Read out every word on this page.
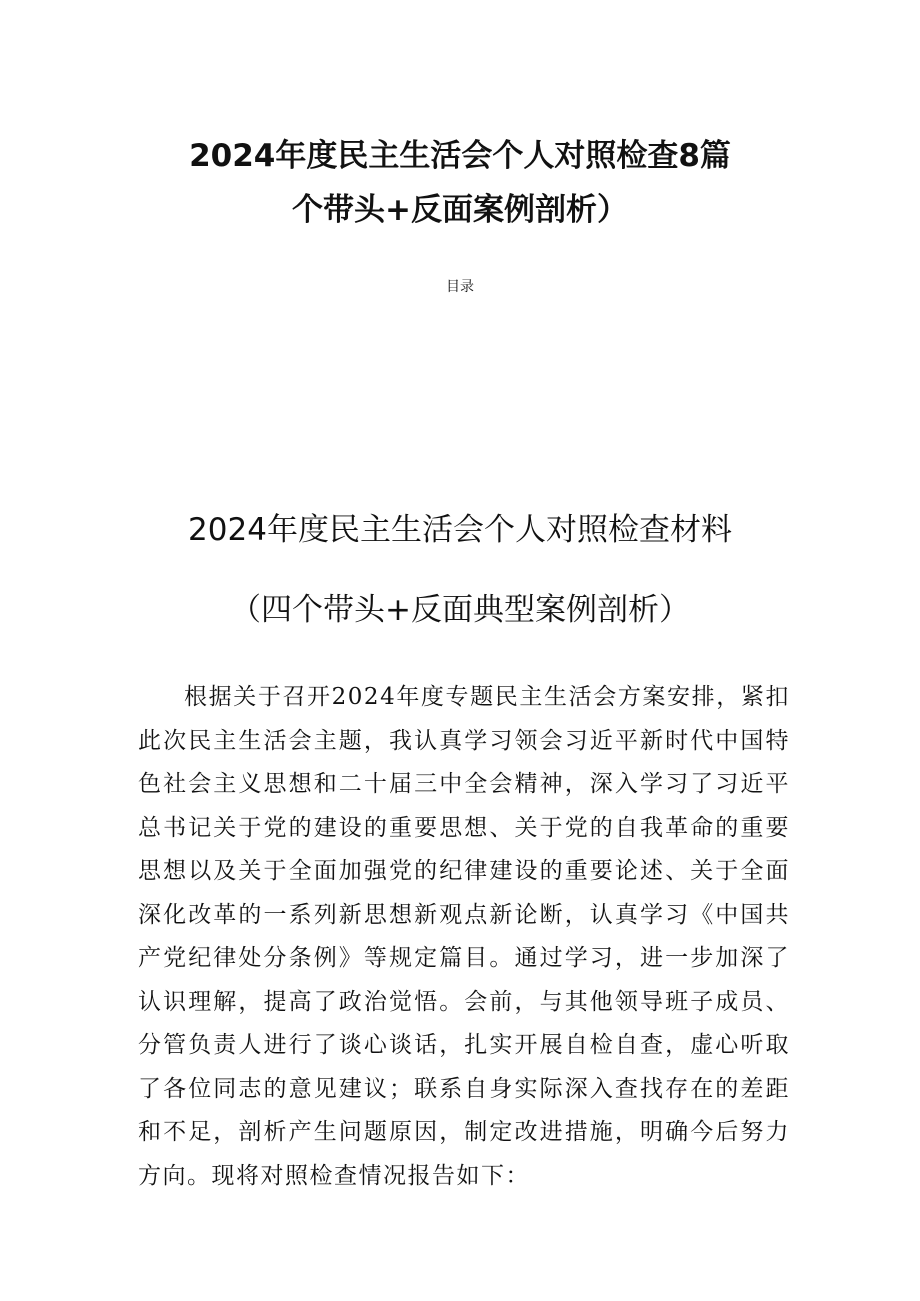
2024年度民主生活会个人对照检查8篇
个带头+反面案例剖析）

目录

2024年度民主生活会个人对照检查材料
（四个带头+反面典型案例剖析）

根据关于召开2024年度专题民主生活会方案安排，紧扣此次民主生活会主题，我认真学习领会习近平新时代中国特色社会主义思想和二十届三中全会精神，深入学习了习近平总书记关于党的建设的重要思想、关于党的自我革命的重要思想以及关于全面加强党的纪律建设的重要论述、关于全面深化改革的一系列新思想新观点新论断，认真学习《中国共产党纪律处分条例》等规定篇目。通过学习，进一步加深了认识理解，提高了政治觉悟。会前，与其他领导班子成员、分管负责人进行了谈心谈话，扎实开展自检自查，虚心听取了各位同志的意见建议；联系自身实际深入查找存在的差距和不足，剖析产生问题原因，制定改进措施，明确今后努力方向。现将对照检查情况报告如下：
